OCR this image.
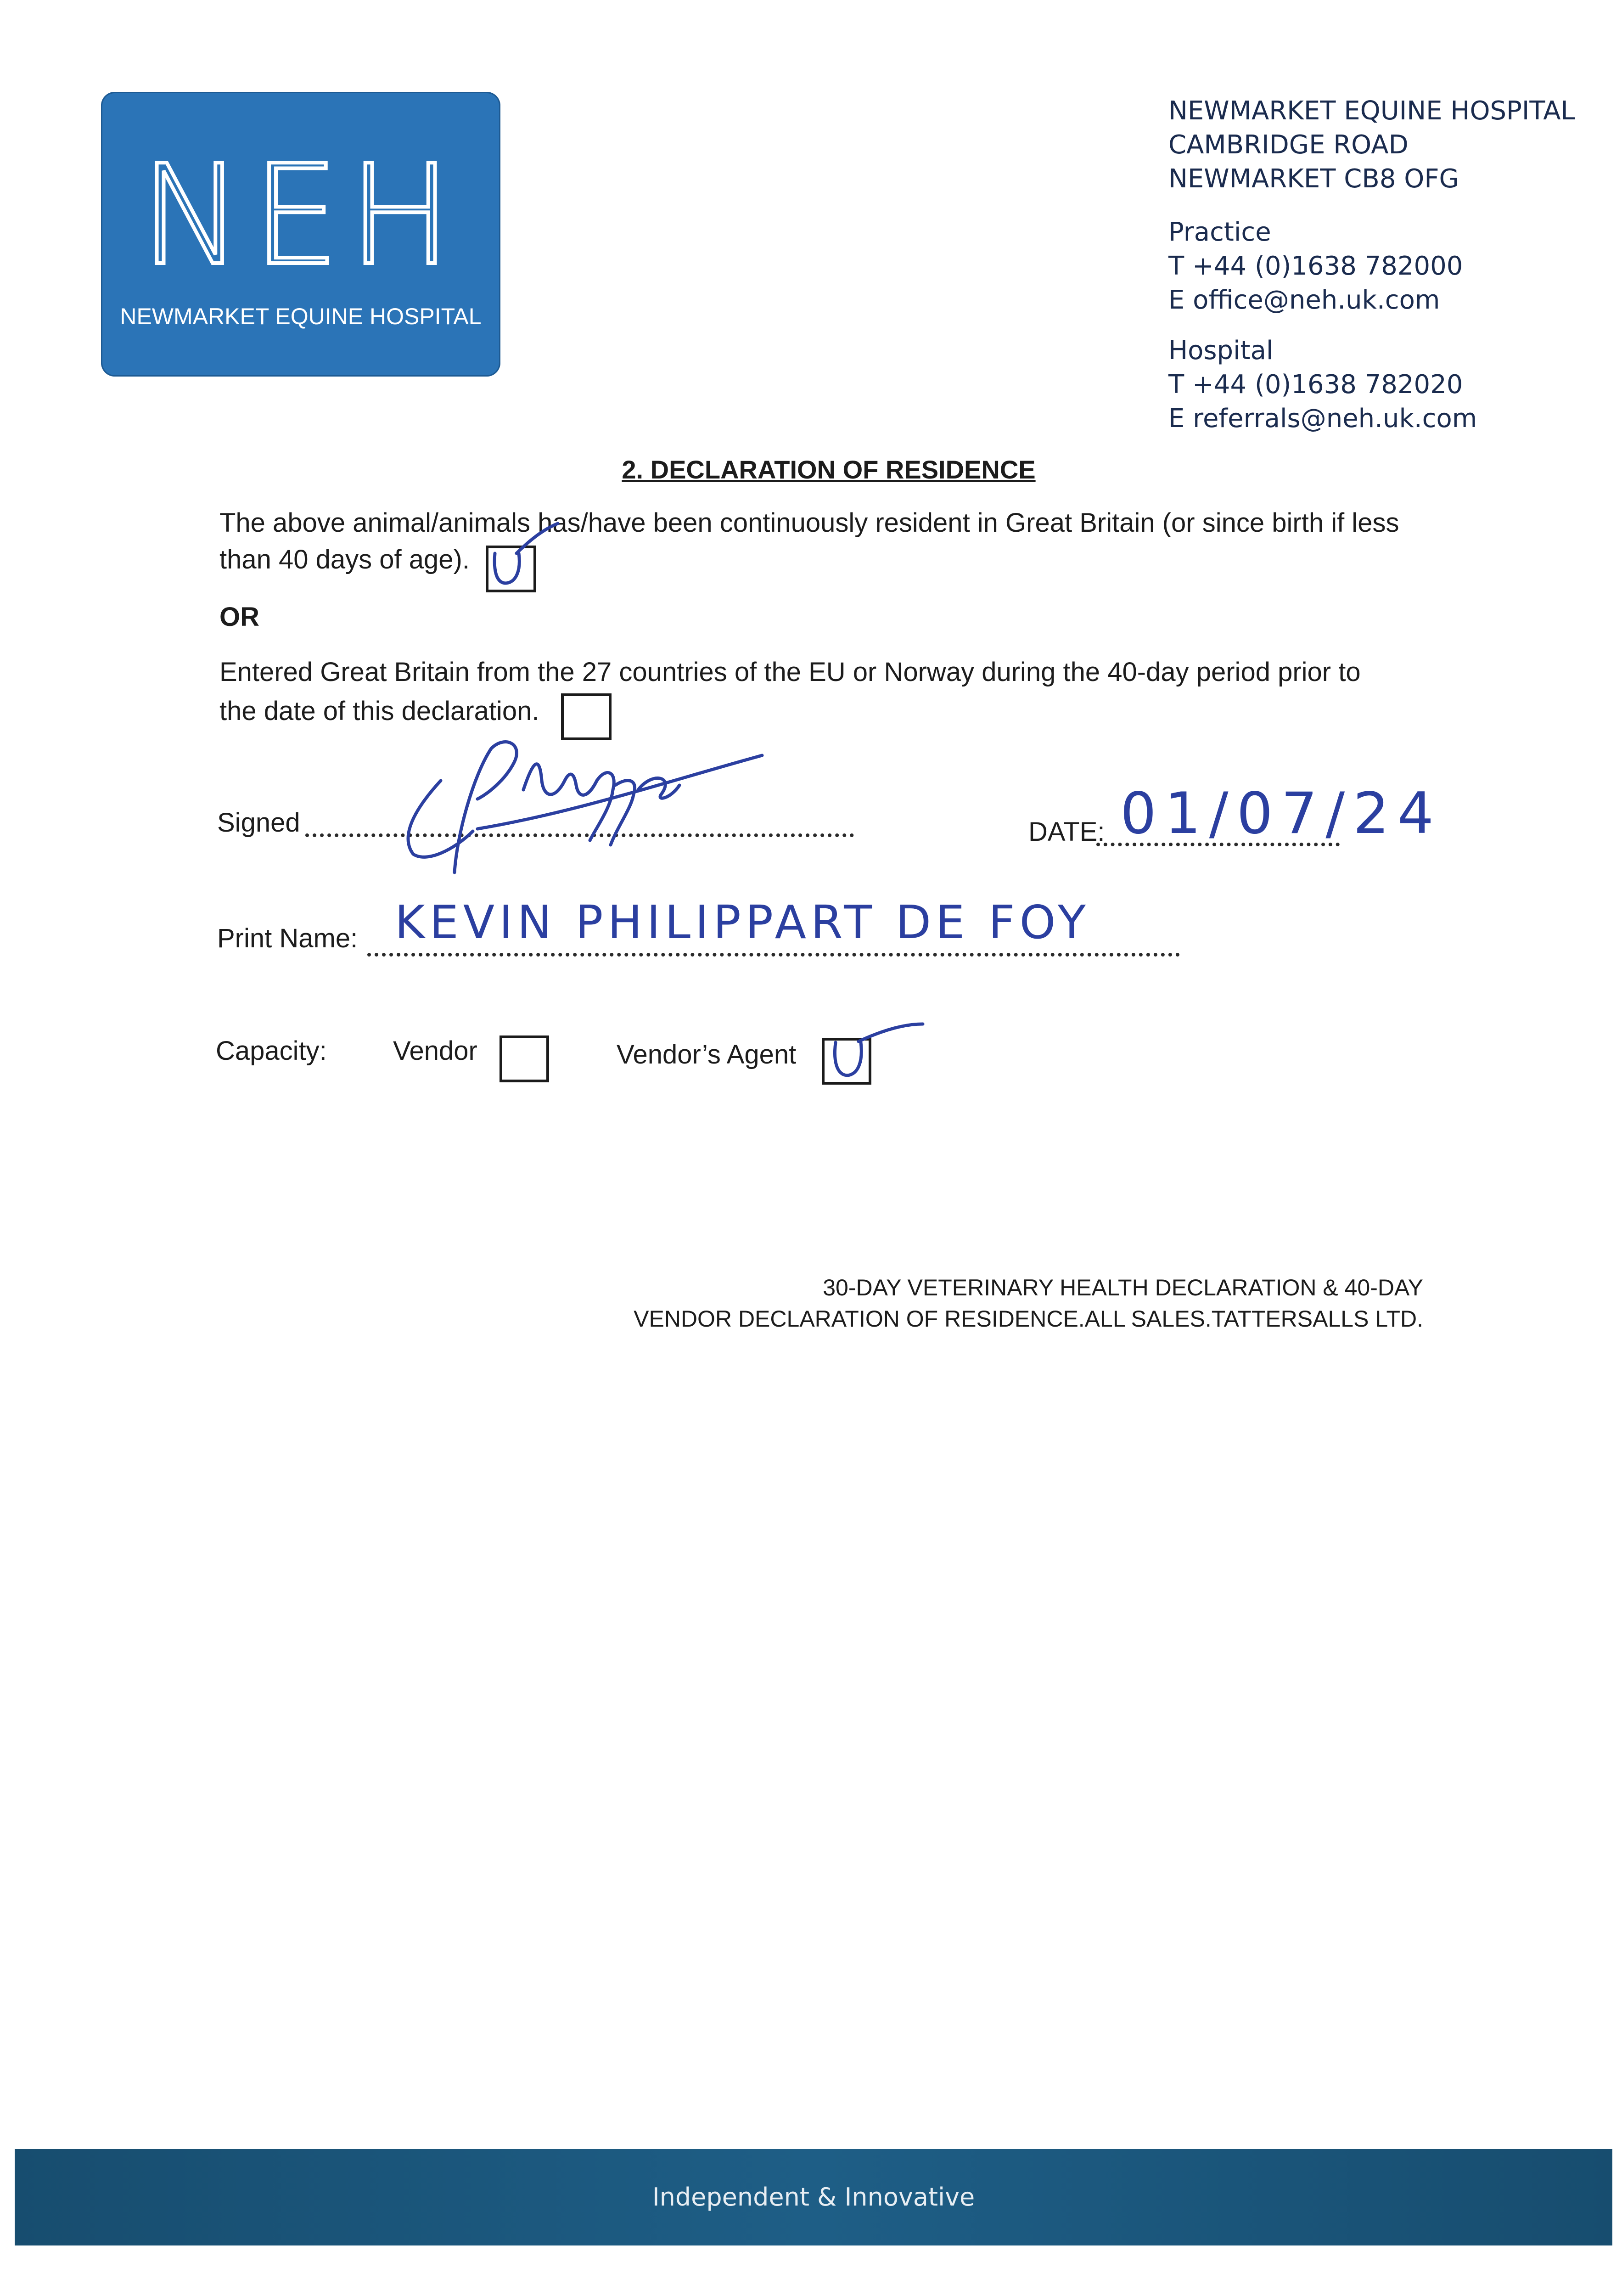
NEH
NEWMARKET EQUINE HOSPITAL
NEWMARKET EQUINE HOSPITAL
CAMBRIDGE ROAD
NEWMARKET CB8 OFG
Practice
T +44 (0)1638 782000
E office@neh.uk.com
Hospital
T +44 (0)1638 782020
E referrals@neh.uk.com
2. DECLARATION OF RESIDENCE
The above animal/animals has/have been continuously resident in Great Britain (or since birth if less
than 40 days of age).
OR
Entered Great Britain from the 27 countries of the EU or Norway during the 40-day period prior to
the date of this declaration.
Signed	DATE: 01/07/24
Print Name: KEVIN PHILIPPART DE FOY
Capacity: Vendor	Vendor’s Agent
30-DAY VETERINARY HEALTH DECLARATION & 40-DAY
VENDOR DECLARATION OF RESIDENCE.ALL SALES.TATTERSALLS LTD.
Independent & Innovative
